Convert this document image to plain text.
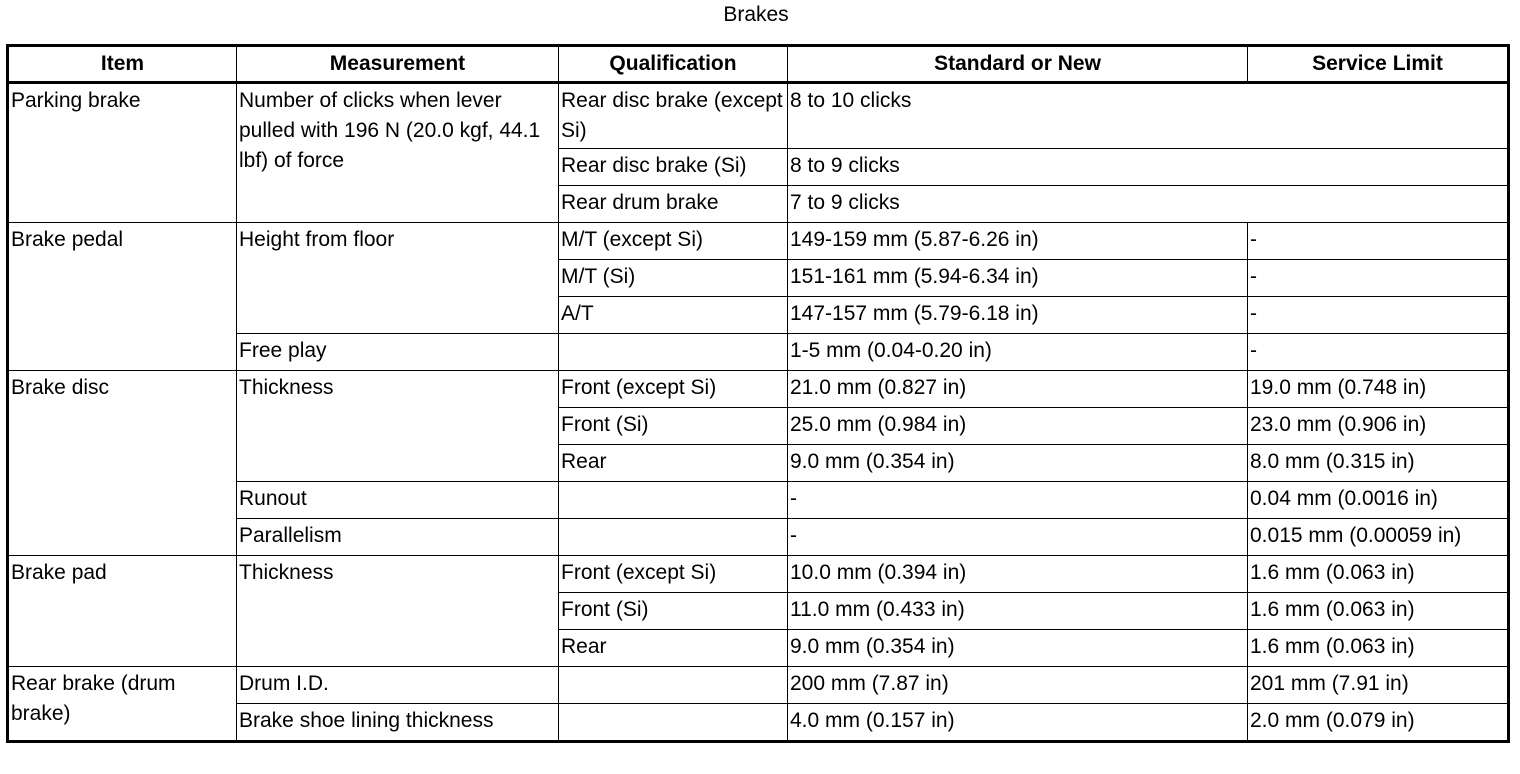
Brakes
Item	Measurement	Qualification	Standard or New	Service Limit
Parking brake	Number of clicks when lever pulled with 196 N (20.0 kgf, 44.1 lbf) of force	Rear disc brake (except Si)	8 to 10 clicks	
		Rear disc brake (Si)	8 to 9 clicks	
		Rear drum brake	7 to 9 clicks	
Brake pedal	Height from floor	M/T (except Si)	149-159 mm (5.87-6.26 in)	-
		M/T (Si)	151-161 mm (5.94-6.34 in)	-
		A/T	147-157 mm (5.79-6.18 in)	-
	Free play		1-5 mm (0.04-0.20 in)	-
Brake disc	Thickness	Front (except Si)	21.0 mm (0.827 in)	19.0 mm (0.748 in)
		Front (Si)	25.0 mm (0.984 in)	23.0 mm (0.906 in)
		Rear	9.0 mm (0.354 in)	8.0 mm (0.315 in)
	Runout		-	0.04 mm (0.0016 in)
	Parallelism		-	0.015 mm (0.00059 in)
Brake pad	Thickness	Front (except Si)	10.0 mm (0.394 in)	1.6 mm (0.063 in)
		Front (Si)	11.0 mm (0.433 in)	1.6 mm (0.063 in)
		Rear	9.0 mm (0.354 in)	1.6 mm (0.063 in)
Rear brake (drum brake)	Drum I.D.		200 mm (7.87 in)	201 mm (7.91 in)
	Brake shoe lining thickness		4.0 mm (0.157 in)	2.0 mm (0.079 in)
